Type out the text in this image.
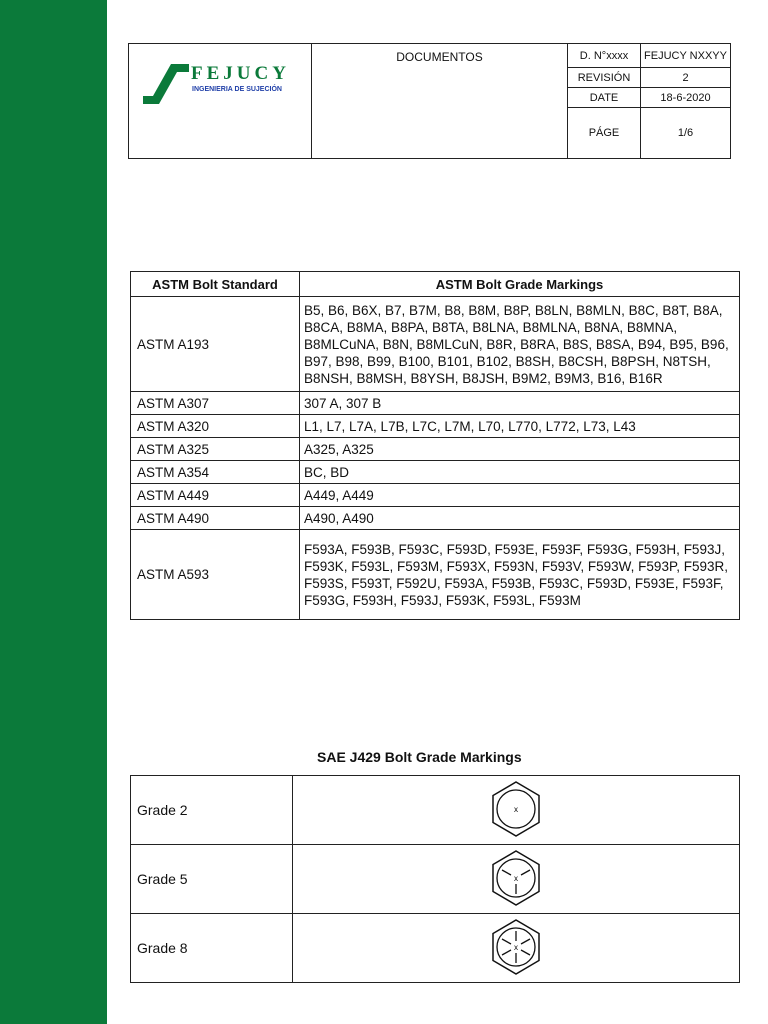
FEJUCY
INGENIERIA DE SUJECIÓN
DOCUMENTOS	D. N°xxxx	FEJUCY NXXYY
REVISIÓN	2
DATE	18-6-2020
PÁGE	1/6
ASTM Bolt Standard	ASTM Bolt Grade Markings
ASTM A193	B5, B6, B6X, B7, B7M, B8, B8M, B8P, B8LN, B8MLN, B8C, B8T, B8A, B8CA, B8MA, B8PA, B8TA, B8LNA, B8MLNA, B8NA, B8MNA, B8MLCuNA, B8N, B8MLCuN, B8R, B8RA, B8S, B8SA, B94, B95, B96, B97, B98, B99, B100, B101, B102, B8SH, B8CSH, B8PSH, N8TSH, B8NSH, B8MSH, B8YSH, B8JSH, B9M2, B9M3, B16, B16R
ASTM A307	307 A, 307 B
ASTM A320	L1, L7, L7A, L7B, L7C, L7M, L70, L770, L772, L73, L43
ASTM A325	A325, A325
ASTM A354	BC, BD
ASTM A449	A449, A449
ASTM A490	A490, A490
ASTM A593	F593A, F593B, F593C, F593D, F593E, F593F, F593G, F593H, F593J, F593K, F593L, F593M, F593X, F593N, F593V, F593W, F593P, F593R, F593S, F593T, F592U, F593A, F593B, F593C, F593D, F593E, F593F, F593G, F593H, F593J, F593K, F593L, F593M
SAE J429 Bolt Grade Markings
Grade 2	x

Grade 5	x

Grade 8	x
